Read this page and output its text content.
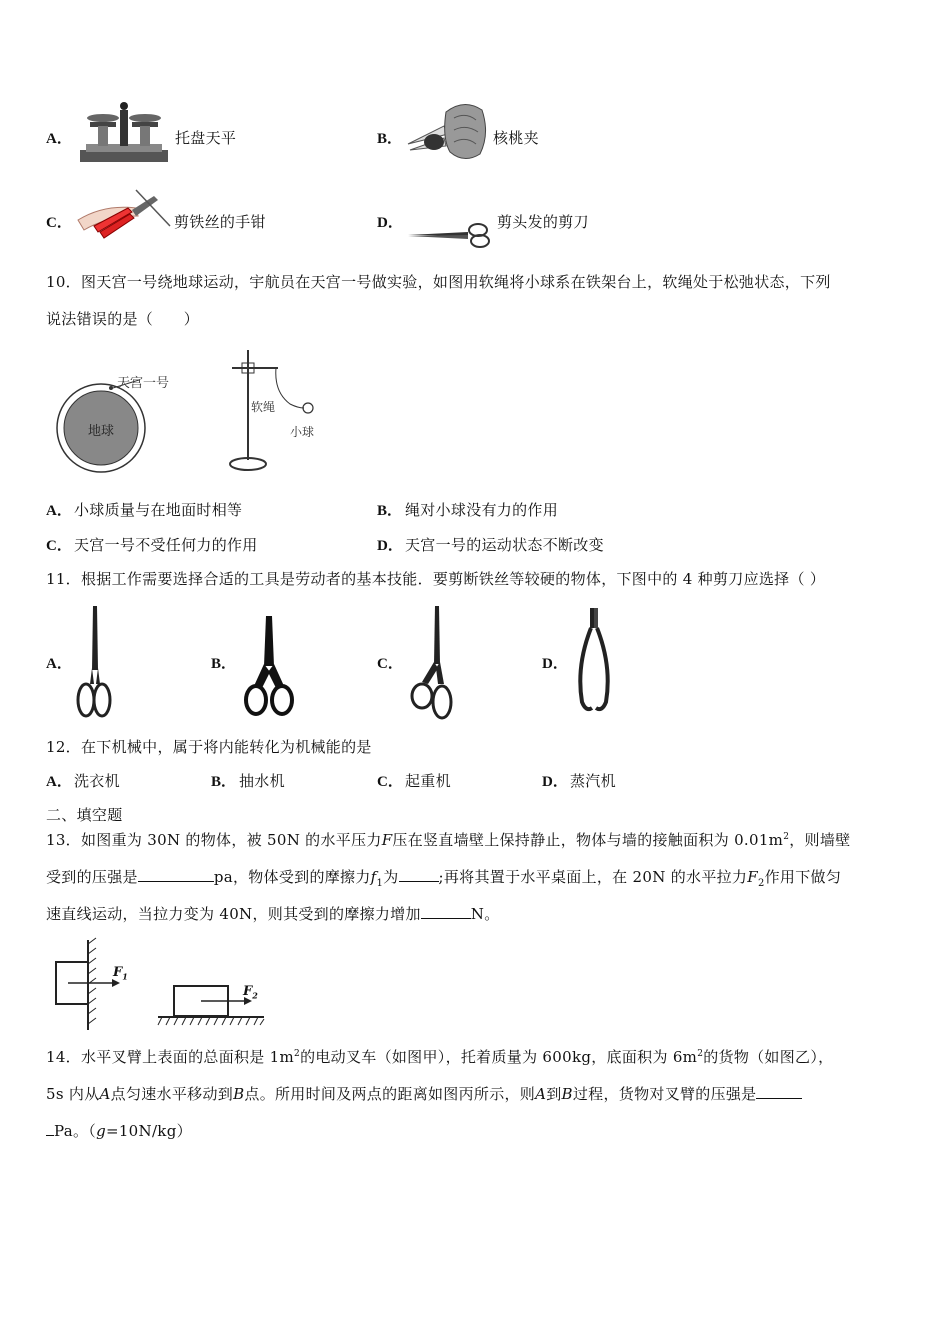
A．	托盘天平	B．	核桃夹
C．	剪铁丝的手钳	D．	剪头发的剪刀
10．图天宫一号绕地球运动，宇航员在天宫一号做实验，如图用软绳将小球系在铁架台上，软绳处于松弛状态，下列
说法错误的是（　　）
天宫一号
地球
软绳
小球
A． 小球质量与在地面时相等	B． 绳对小球没有力的作用
C． 天宫一号不受任何力的作用	D． 天宫一号的运动状态不断改变
11．根据工作需要选择合适的工具是劳动者的基本技能．要剪断铁丝等较硬的物体，下图中的 4 种剪刀应选择（ ）
A．	B．	C．	D．
12．在下机械中，属于将内能转化为机械能的是
A． 洗衣机	B． 抽水机	C． 起重机	D． 蒸汽机
二、填空题
13．如图重为 30N 的物体，被 50N 的水平压力F压在竖直墙壁上保持静止，物体与墙的接触面积为 $0.01m^2$，则墙壁
受到的压强是	pa，物体受到的摩擦力$f_1$为	;再将其置于水平桌面上，在 20N 的水平拉力$F_2$作用下做匀
速直线运动，当拉力变为 40N，则其受到的摩擦力增加	N。
$F_1$
$F_2$
14．水平叉臂上表面的总面积是 $1m^2$的电动叉车（如图甲），托着质量为 600kg，底面积为 $6m^2$的货物（如图乙），
5s 内从A点匀速水平移动到B点。所用时间及两点的距离如图丙所示，则A到B过程，货物对叉臂的压强是
Pa。（g=10N/kg）
